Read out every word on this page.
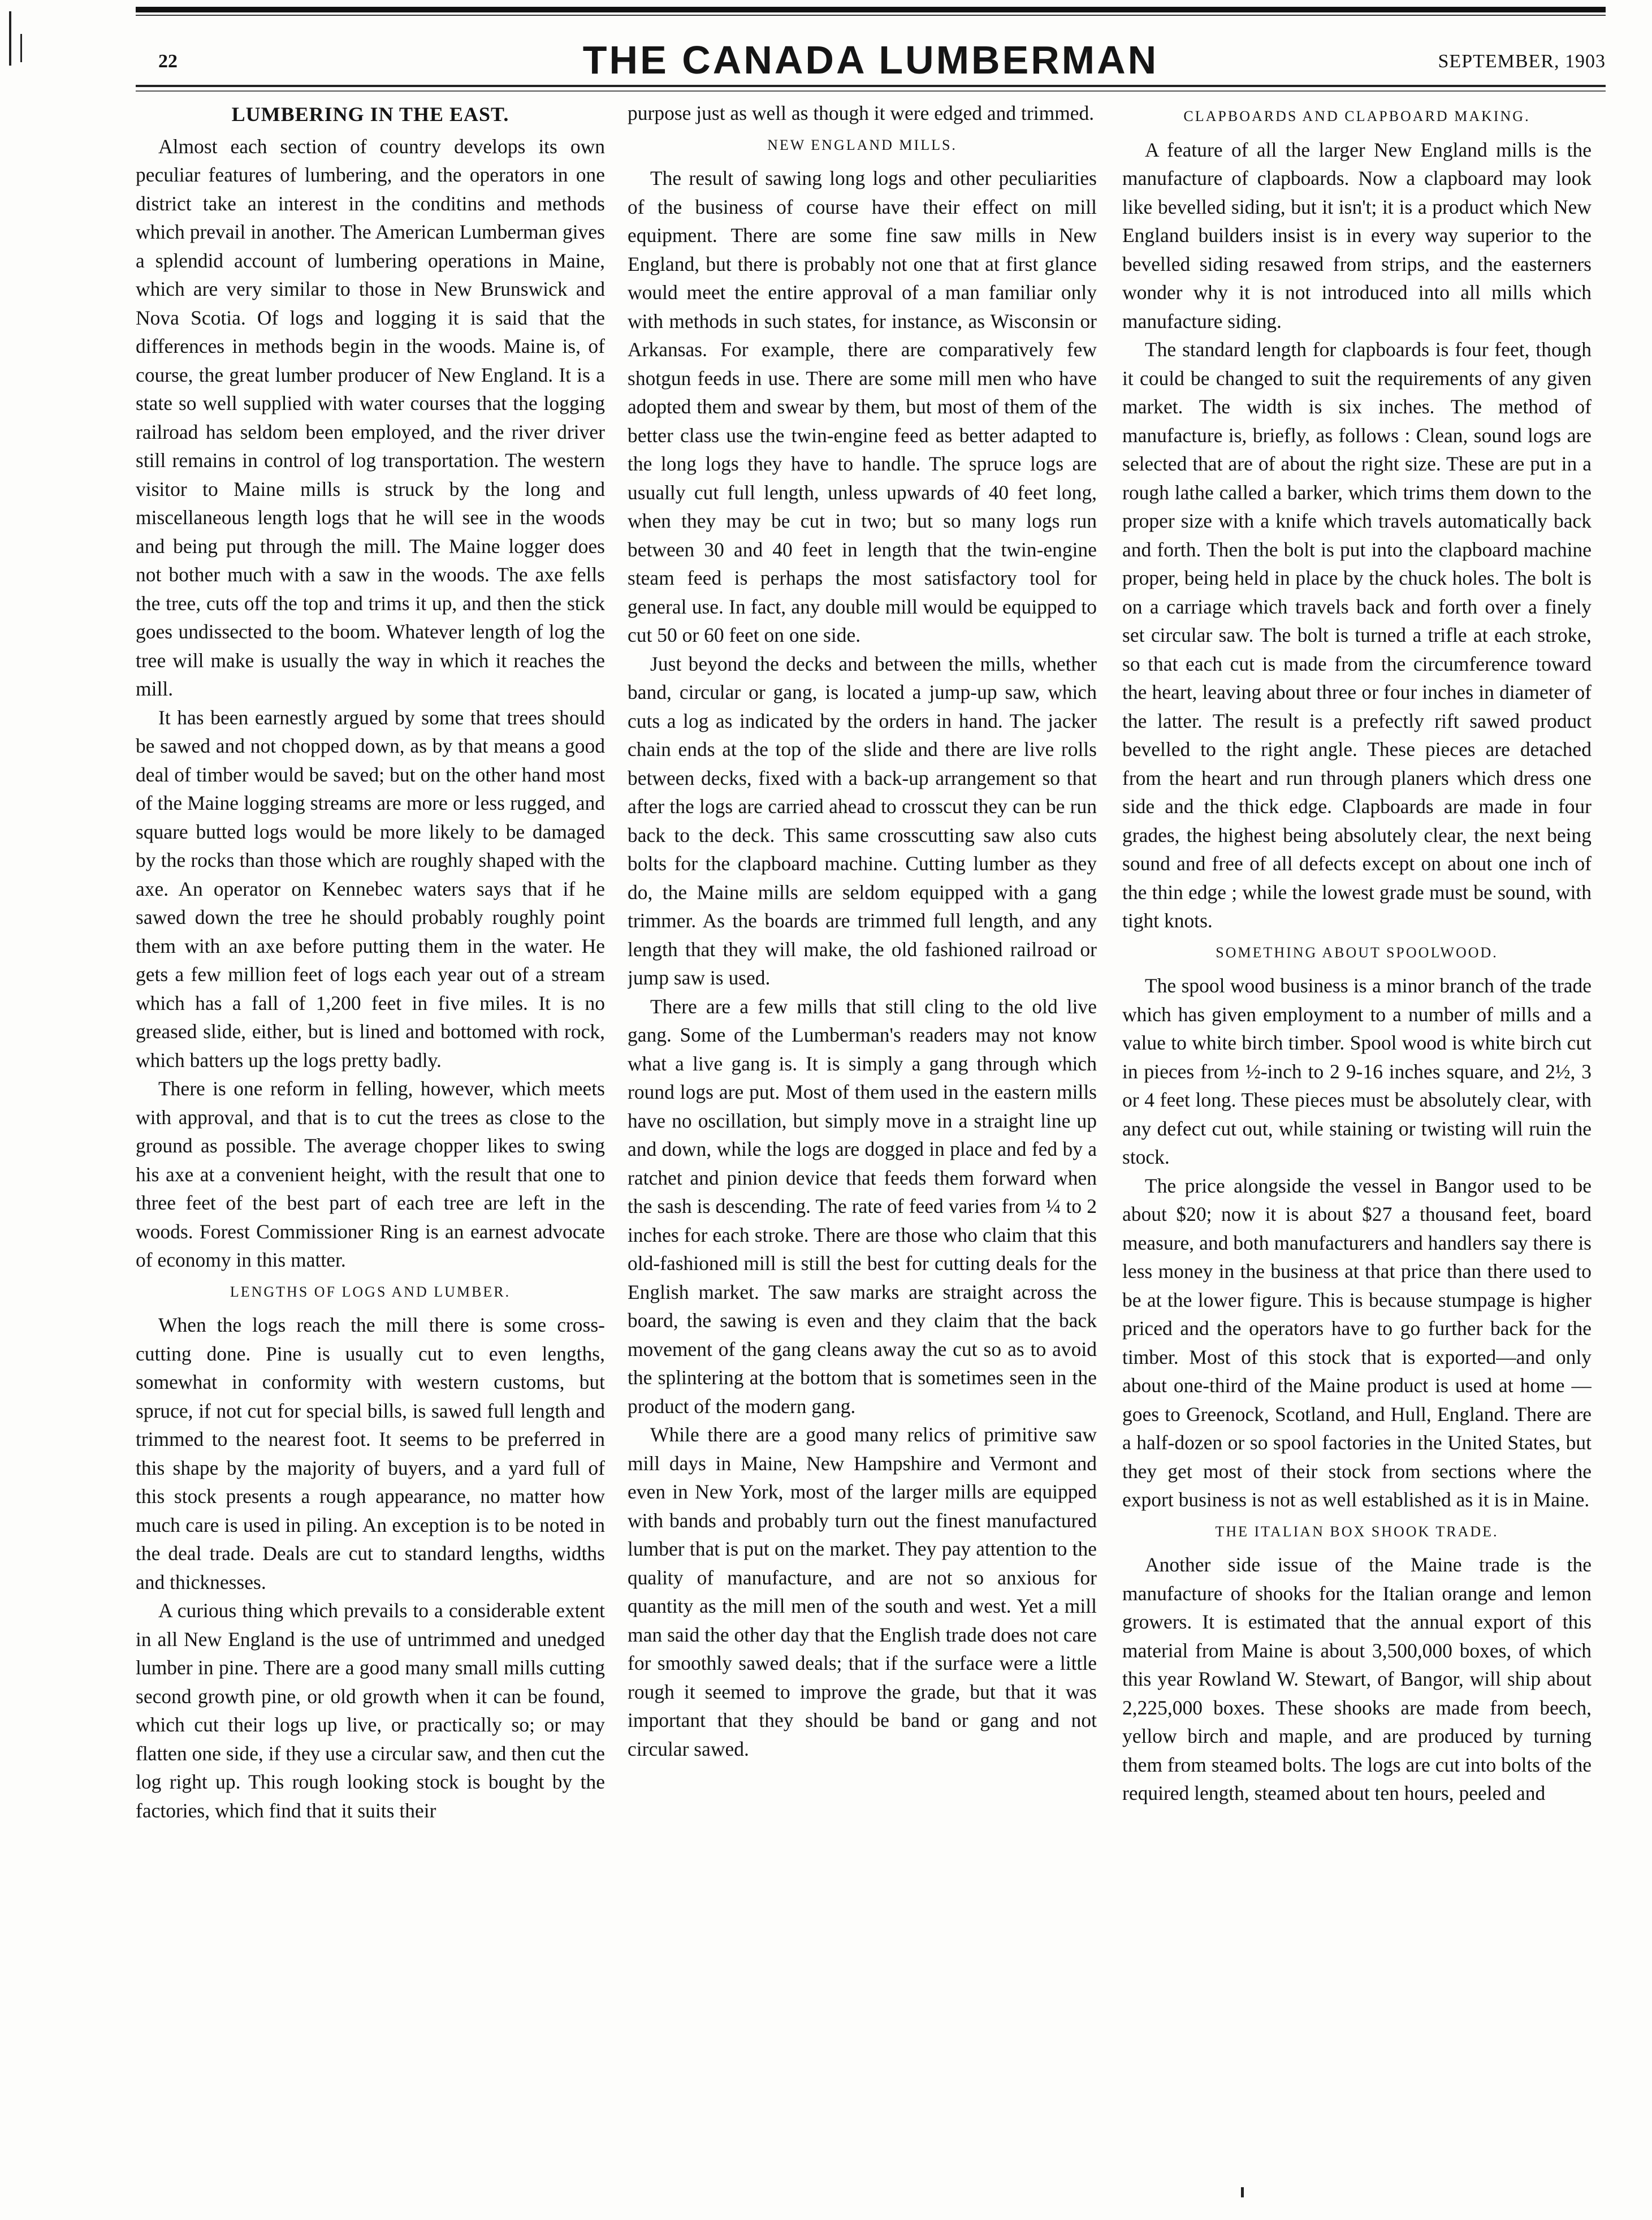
22	THE CANADA LUMBERMAN	SEPTEMBER, 1903
LUMBERING IN THE EAST.

Almost each section of country develops its own peculiar features of lumbering, and the operators in one district take an interest in the conditins and methods which prevail in another. The American Lumberman gives a splendid account of lumbering operations in Maine, which are very similar to those in New Brunswick and Nova Scotia. Of logs and logging it is said that the differences in methods begin in the woods. Maine is, of course, the great lumber producer of New England. It is a state so well supplied with water courses that the logging railroad has seldom been employed, and the river driver still remains in control of log transportation. The western visitor to Maine mills is struck by the long and miscellaneous length logs that he will see in the woods and being put through the mill. The Maine logger does not bother much with a saw in the woods. The axe fells the tree, cuts off the top and trims it up, and then the stick goes undissected to the boom. Whatever length of log the tree will make is usually the way in which it reaches the mill.

It has been earnestly argued by some that trees should be sawed and not chopped down, as by that means a good deal of timber would be saved; but on the other hand most of the Maine logging streams are more or less rugged, and square butted logs would be more likely to be damaged by the rocks than those which are roughly shaped with the axe. An operator on Kennebec waters says that if he sawed down the tree he should probably roughly point them with an axe before putting them in the water. He gets a few million feet of logs each year out of a stream which has a fall of 1,200 feet in five miles. It is no greased slide, either, but is lined and bottomed with rock, which batters up the logs pretty badly.

There is one reform in felling, however, which meets with approval, and that is to cut the trees as close to the ground as possible. The average chopper likes to swing his axe at a convenient height, with the result that one to three feet of the best part of each tree are left in the woods. Forest Commissioner Ring is an earnest advocate of economy in this matter.

LENGTHS OF LOGS AND LUMBER.

When the logs reach the mill there is some cross-cutting done. Pine is usually cut to even lengths, somewhat in conformity with western customs, but spruce, if not cut for special bills, is sawed full length and trimmed to the nearest foot. It seems to be preferred in this shape by the majority of buyers, and a yard full of this stock presents a rough appearance, no matter how much care is used in piling. An exception is to be noted in the deal trade. Deals are cut to standard lengths, widths and thicknesses.

A curious thing which prevails to a considerable extent in all New England is the use of untrimmed and unedged lumber in pine. There are a good many small mills cutting second growth pine, or old growth when it can be found, which cut their logs up live, or practically so; or may flatten one side, if they use a circular saw, and then cut the log right up. This rough looking stock is bought by the factories, which find that it suits their

purpose just as well as though it were edged and trimmed.

NEW ENGLAND MILLS.

The result of sawing long logs and other peculiarities of the business of course have their effect on mill equipment. There are some fine saw mills in New England, but there is probably not one that at first glance would meet the entire approval of a man familiar only with methods in such states, for instance, as Wisconsin or Arkansas. For example, there are comparatively few shotgun feeds in use. There are some mill men who have adopted them and swear by them, but most of them of the better class use the twin-engine feed as better adapted to the long logs they have to handle. The spruce logs are usually cut full length, unless upwards of 40 feet long, when they may be cut in two; but so many logs run between 30 and 40 feet in length that the twin-engine steam feed is perhaps the most satisfactory tool for general use. In fact, any double mill would be equipped to cut 50 or 60 feet on one side.

Just beyond the decks and between the mills, whether band, circular or gang, is located a jump-up saw, which cuts a log as indicated by the orders in hand. The jacker chain ends at the top of the slide and there are live rolls between decks, fixed with a back-up arrangement so that after the logs are carried ahead to crosscut they can be run back to the deck. This same crosscutting saw also cuts bolts for the clapboard machine. Cutting lumber as they do, the Maine mills are seldom equipped with a gang trimmer. As the boards are trimmed full length, and any length that they will make, the old fashioned railroad or jump saw is used.

There are a few mills that still cling to the old live gang. Some of the Lumberman's readers may not know what a live gang is. It is simply a gang through which round logs are put. Most of them used in the eastern mills have no oscillation, but simply move in a straight line up and down, while the logs are dogged in place and fed by a ratchet and pinion device that feeds them forward when the sash is descending. The rate of feed varies from ¼ to 2 inches for each stroke. There are those who claim that this old-fashioned mill is still the best for cutting deals for the English market. The saw marks are straight across the board, the sawing is even and they claim that the back movement of the gang cleans away the cut so as to avoid the splintering at the bottom that is sometimes seen in the product of the modern gang.

While there are a good many relics of primitive saw mill days in Maine, New Hampshire and Vermont and even in New York, most of the larger mills are equipped with bands and probably turn out the finest manufactured lumber that is put on the market. They pay attention to the quality of manufacture, and are not so anxious for quantity as the mill men of the south and west. Yet a mill man said the other day that the English trade does not care for smoothly sawed deals; that if the surface were a little rough it seemed to improve the grade, but that it was important that they should be band or gang and not circular sawed.

CLAPBOARDS AND CLAPBOARD MAKING.

A feature of all the larger New England mills is the manufacture of clapboards. Now a clapboard may look like bevelled siding, but it isn't; it is a product which New England builders insist is in every way superior to the bevelled siding resawed from strips, and the easterners wonder why it is not introduced into all mills which manufacture siding.

The standard length for clapboards is four feet, though it could be changed to suit the requirements of any given market. The width is six inches. The method of manufacture is, briefly, as follows : Clean, sound logs are selected that are of about the right size. These are put in a rough lathe called a barker, which trims them down to the proper size with a knife which travels automatically back and forth. Then the bolt is put into the clapboard machine proper, being held in place by the chuck holes. The bolt is on a carriage which travels back and forth over a finely set circular saw. The bolt is turned a trifle at each stroke, so that each cut is made from the circumference toward the heart, leaving about three or four inches in diameter of the latter. The result is a prefectly rift sawed product bevelled to the right angle. These pieces are detached from the heart and run through planers which dress one side and the thick edge. Clapboards are made in four grades, the highest being absolutely clear, the next being sound and free of all defects except on about one inch of the thin edge ; while the lowest grade must be sound, with tight knots.

SOMETHING ABOUT SPOOLWOOD.

The spool wood business is a minor branch of the trade which has given employment to a number of mills and a value to white birch timber. Spool wood is white birch cut in pieces from ½-inch to 2 9-16 inches square, and 2½, 3 or 4 feet long. These pieces must be absolutely clear, with any defect cut out, while staining or twisting will ruin the stock.

The price alongside the vessel in Bangor used to be about $20; now it is about $27 a thousand feet, board measure, and both manufacturers and handlers say there is less money in the business at that price than there used to be at the lower figure. This is because stumpage is higher priced and the operators have to go further back for the timber. Most of this stock that is exported—and only about one-third of the Maine product is used at home — goes to Greenock, Scotland, and Hull, England. There are a half-dozen or so spool factories in the United States, but they get most of their stock from sections where the export business is not as well established as it is in Maine.

THE ITALIAN BOX SHOOK TRADE.

Another side issue of the Maine trade is the manufacture of shooks for the Italian orange and lemon growers. It is estimated that the annual export of this material from Maine is about 3,500,000 boxes, of which this year Rowland W. Stewart, of Bangor, will ship about 2,225,000 boxes. These shooks are made from beech, yellow birch and maple, and are produced by turning them from steamed bolts. The logs are cut into bolts of the required length, steamed about ten hours, peeled and
